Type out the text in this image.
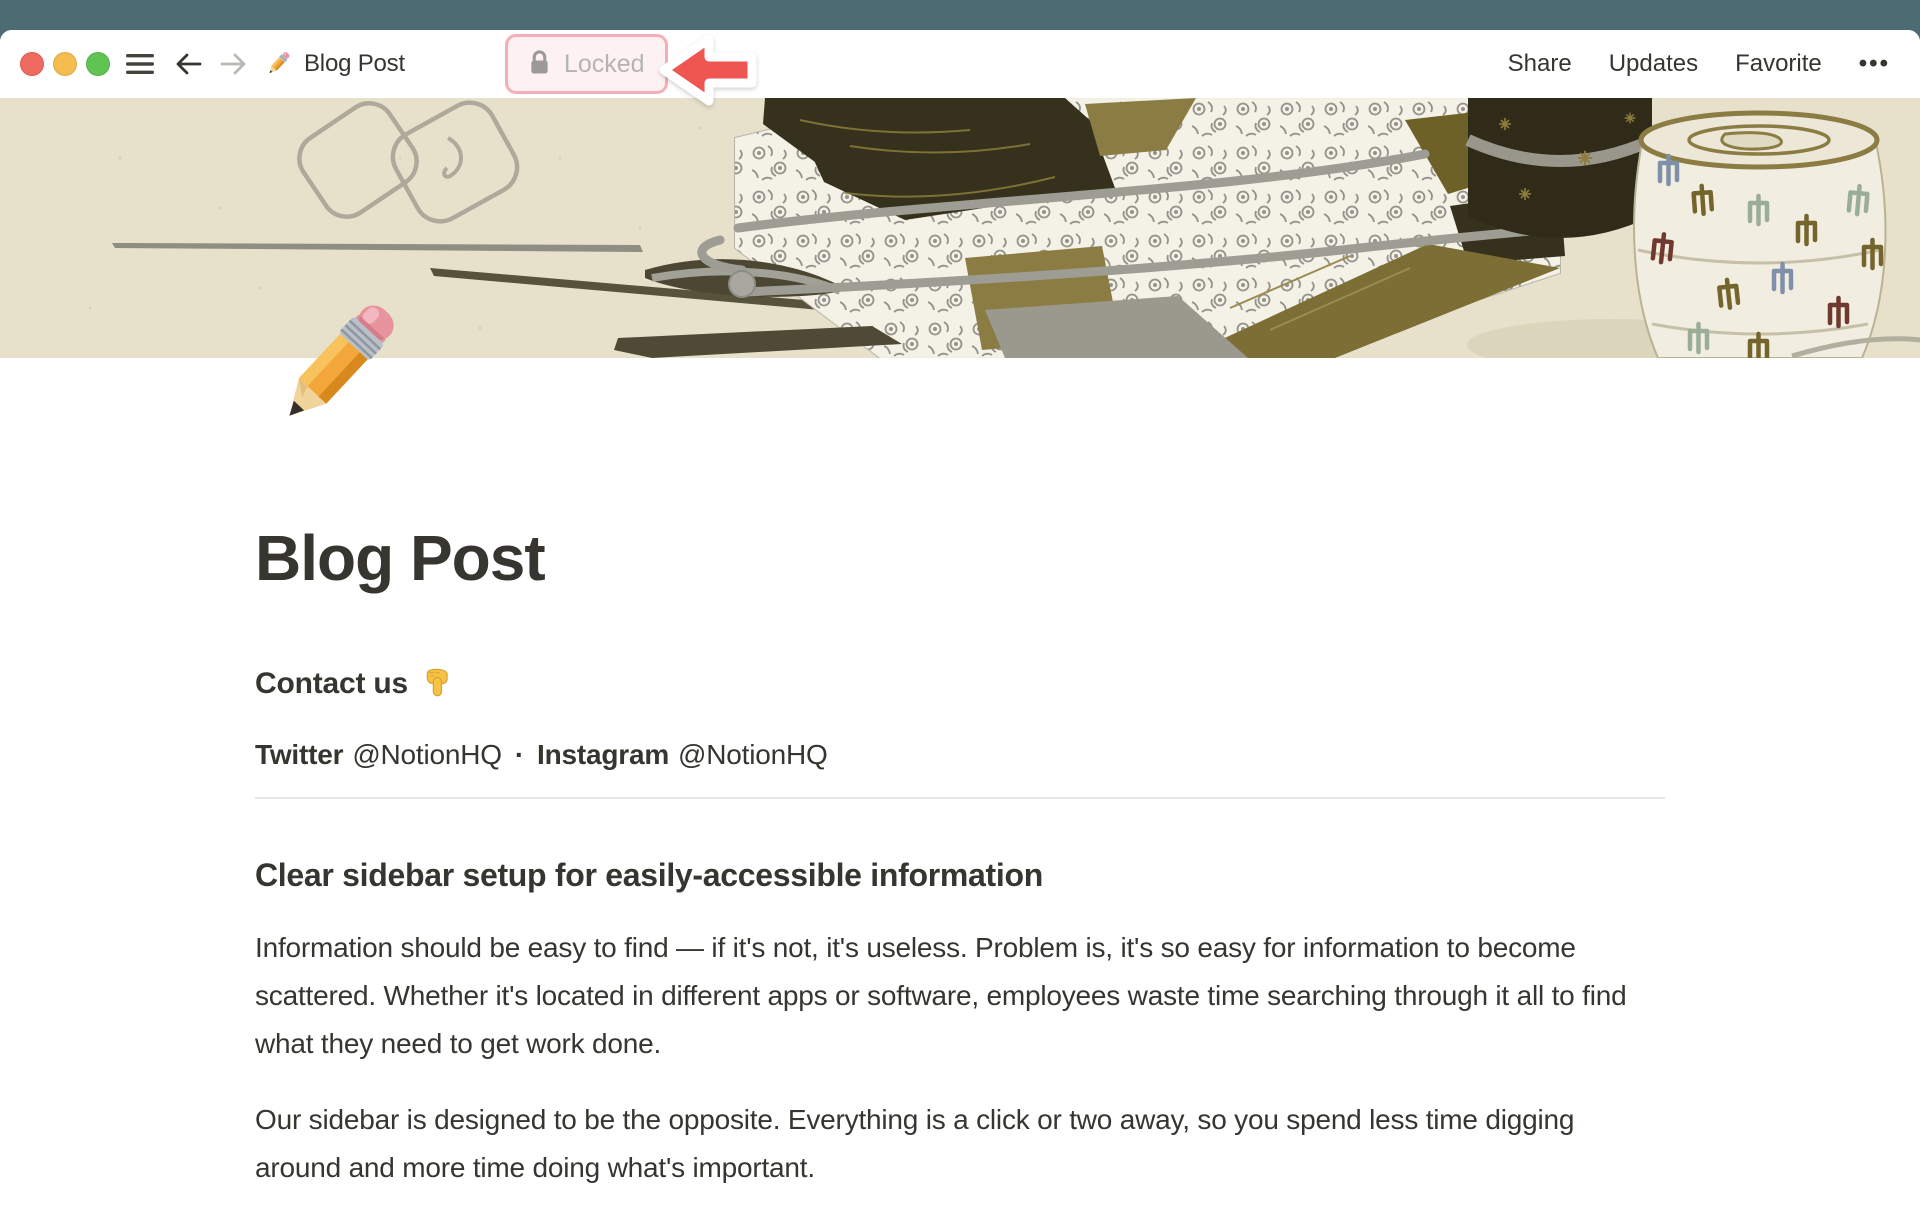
Blog Post	Locked	Share Updates Favorite •••
Blog Post
Contact us
Twitter @NotionHQ · Instagram @NotionHQ
Clear sidebar setup for easily-accessible information

Information should be easy to find — if it's not, it's useless. Problem is, it's so easy for information to become scattered. Whether it's located in different apps or software, employees waste time searching through it all to find what they need to get work done.

Our sidebar is designed to be the opposite. Everything is a click or two away, so you spend less time digging around and more time doing what's important.
